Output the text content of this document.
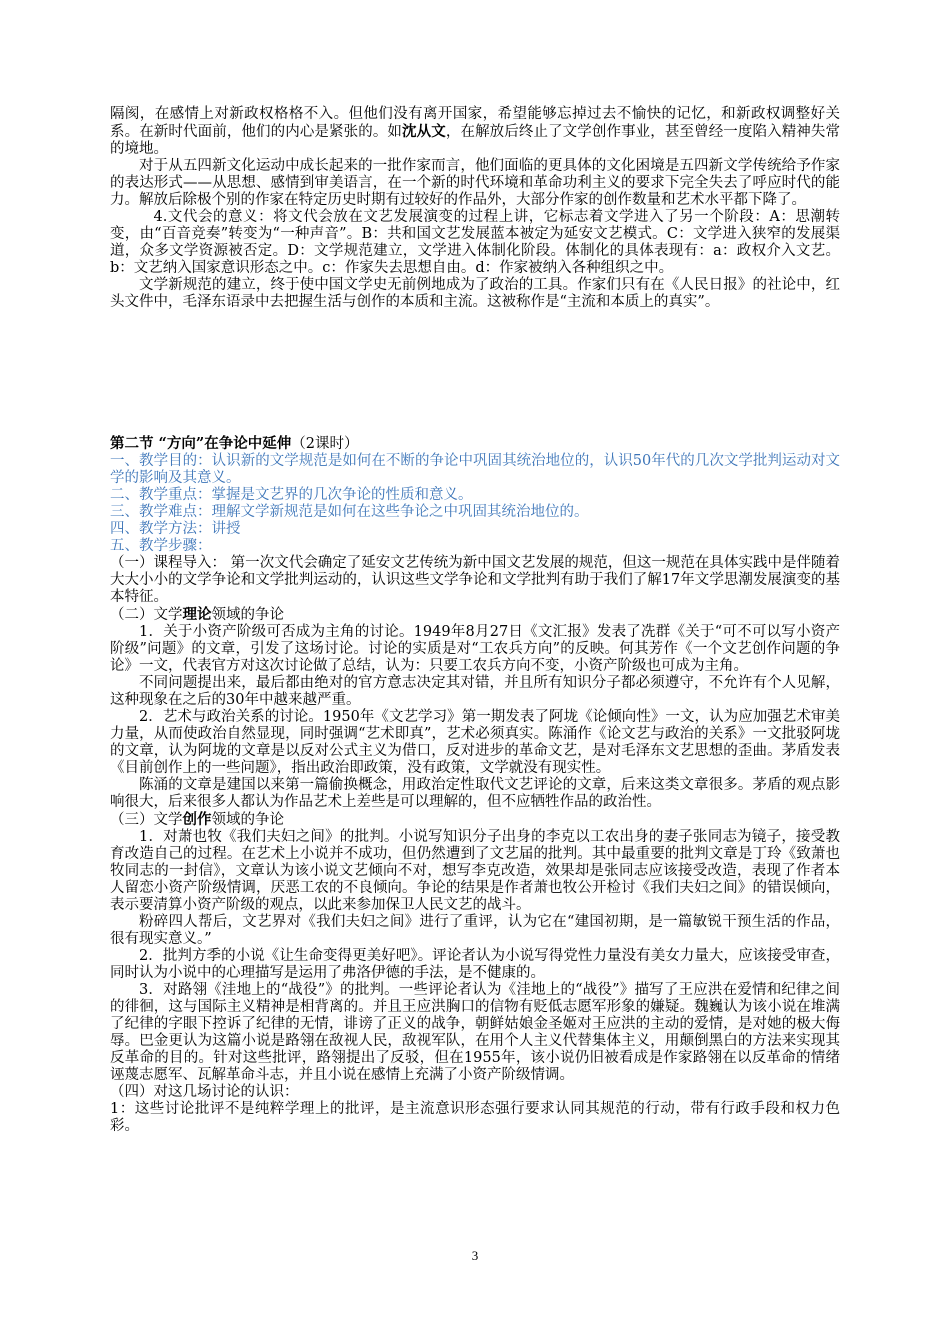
隔阂，在感情上对新政权格格不入。但他们没有离开国家，希望能够忘掉过去不愉快的记忆，和新政权调整好关系。在新时代面前，他们的内心是紧张的。如沈从文，在解放后终止了文学创作事业，甚至曾经一度陷入精神失常的境地。

对于从五四新文化运动中成长起来的一批作家而言，他们面临的更具体的文化困境是五四新文学传统给予作家的表达形式——从思想、感情到审美语言，在一个新的时代环境和革命功利主义的要求下完全失去了呼应时代的能力。解放后除极个别的作家在特定历史时期有过较好的作品外，大部分作家的创作数量和艺术水平都下降了。

4.文代会的意义：将文代会放在文艺发展演变的过程上讲，它标志着文学进入了另一个阶段：A：思潮转变，由“百音竞奏”转变为“一种声音”。B：共和国文艺发展蓝本被定为延安文艺模式。C：文学进入狭窄的发展渠道，众多文学资源被否定。D：文学规范建立，文学进入体制化阶段。体制化的具体表现有：a：政权介入文艺。b：文艺纳入国家意识形态之中。c：作家失去思想自由。d：作家被纳入各种组织之中。

文学新规范的建立，终于使中国文学史无前例地成为了政治的工具。作家们只有在《人民日报》的社论中，红头文件中，毛泽东语录中去把握生活与创作的本质和主流。这被称作是“主流和本质上的真实”。

第二节 “方向”在争论中延伸（2课时）

一、教学目的：认识新的文学规范是如何在不断的争论中巩固其统治地位的，认识50年代的几次文学批判运动对文学的影响及其意义。

二、教学重点：掌握是文艺界的几次争论的性质和意义。

三、教学难点：理解文学新规范是如何在这些争论之中巩固其统治地位的。

四、教学方法：讲授

五、教学步骤：

（一）课程导入： 第一次文代会确定了延安文艺传统为新中国文艺发展的规范，但这一规范在具体实践中是伴随着大大小小的文学争论和文学批判运动的，认识这些文学争论和文学批判有助于我们了解17年文学思潮发展演变的基本特征。

（二）文学理论领域的争论

1．关于小资产阶级可否成为主角的讨论。1949年8月27日《文汇报》发表了冼群《关于“可不可以写小资产阶级”问题》的文章，引发了这场讨论。讨论的实质是对“工农兵方向”的反映。何其芳作《一个文艺创作问题的争论》一文，代表官方对这次讨论做了总结，认为：只要工农兵方向不变，小资产阶级也可成为主角。

不同问题提出来，最后都由绝对的官方意志决定其对错，并且所有知识分子都必须遵守，不允许有个人见解，这种现象在之后的30年中越来越严重。

2．艺术与政治关系的讨论。1950年《文艺学习》第一期发表了阿垅《论倾向性》一文，认为应加强艺术审美力量，从而使政治自然显现，同时强调“艺术即真”，艺术必须真实。陈涌作《论文艺与政治的关系》一文批驳阿垅的文章，认为阿垅的文章是以反对公式主义为借口，反对进步的革命文艺，是对毛泽东文艺思想的歪曲。茅盾发表《目前创作上的一些问题》，指出政治即政策，没有政策，文学就没有现实性。

陈涌的文章是建国以来第一篇偷换概念，用政治定性取代文艺评论的文章，后来这类文章很多。茅盾的观点影响很大，后来很多人都认为作品艺术上差些是可以理解的，但不应牺牲作品的政治性。

（三）文学创作领域的争论

1．对萧也牧《我们夫妇之间》的批判。小说写知识分子出身的李克以工农出身的妻子张同志为镜子，接受教育改造自己的过程。在艺术上小说并不成功，但仍然遭到了文艺届的批判。其中最重要的批判文章是丁玲《致萧也牧同志的一封信》，文章认为该小说文艺倾向不对，想写李克改造，效果却是张同志应该接受改造，表现了作者本人留恋小资产阶级情调，厌恶工农的不良倾向。争论的结果是作者萧也牧公开检讨《我们夫妇之间》的错误倾向，表示要清算小资产阶级的观点，以此来参加保卫人民文艺的战斗。

粉碎四人帮后，文艺界对《我们夫妇之间》进行了重评，认为它在“建国初期，是一篇敏锐干预生活的作品，很有现实意义。”

2．批判方季的小说《让生命变得更美好吧》。评论者认为小说写得党性力量没有美女力量大，应该接受审查，同时认为小说中的心理描写是运用了弗洛伊德的手法，是不健康的。

3．对路翎《洼地上的“战役”》的批判。一些评论者认为《洼地上的“战役”》描写了王应洪在爱情和纪律之间的徘徊，这与国际主义精神是相背离的。并且王应洪胸口的信物有贬低志愿军形象的嫌疑。魏巍认为该小说在堆满了纪律的字眼下控诉了纪律的无情，诽谤了正义的战争，朝鲜姑娘金圣姬对王应洪的主动的爱情，是对她的极大侮辱。巴金更认为这篇小说是路翎在敌视人民，敌视军队，在用个人主义代替集体主义，用颠倒黑白的方法来实现其反革命的目的。针对这些批评，路翎提出了反驳，但在1955年，该小说仍旧被看成是作家路翎在以反革命的情绪诬蔑志愿军、瓦解革命斗志，并且小说在感情上充满了小资产阶级情调。

（四）对这几场讨论的认识：

1：这些讨论批评不是纯粹学理上的批评，是主流意识形态强行要求认同其规范的行动，带有行政手段和权力色彩。

3
